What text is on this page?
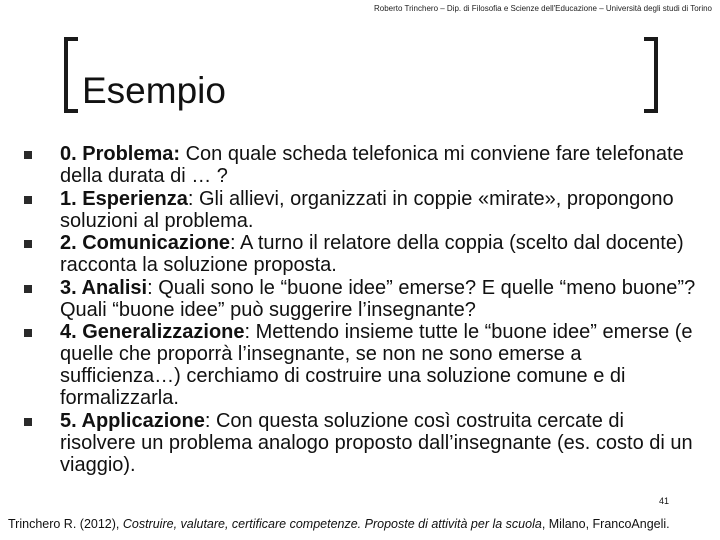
Roberto Trinchero – Dip. di Filosofia e Scienze dell'Educazione – Università degli studi di Torino
Esempio
0. Problema: Con quale scheda telefonica mi conviene fare telefonate della durata di … ?
1. Esperienza: Gli allievi, organizzati in coppie «mirate», propongono soluzioni al problema.
2. Comunicazione: A turno il relatore della coppia (scelto dal docente) racconta la soluzione proposta.
3. Analisi: Quali sono le “buone idee” emerse? E quelle “meno buone”? Quali “buone idee” può suggerire l’insegnante?
4. Generalizzazione: Mettendo insieme tutte le “buone idee” emerse (e quelle che proporrà l’insegnante, se non ne sono emerse a sufficienza…) cerchiamo di costruire una soluzione comune e di formalizzarla.
5. Applicazione: Con questa soluzione così costruita cercate di risolvere un problema analogo proposto dall’insegnante (es. costo di un viaggio).
41
Trinchero R. (2012), Costruire, valutare, certificare competenze. Proposte di attività per la scuola, Milano, FrancoAngeli.
